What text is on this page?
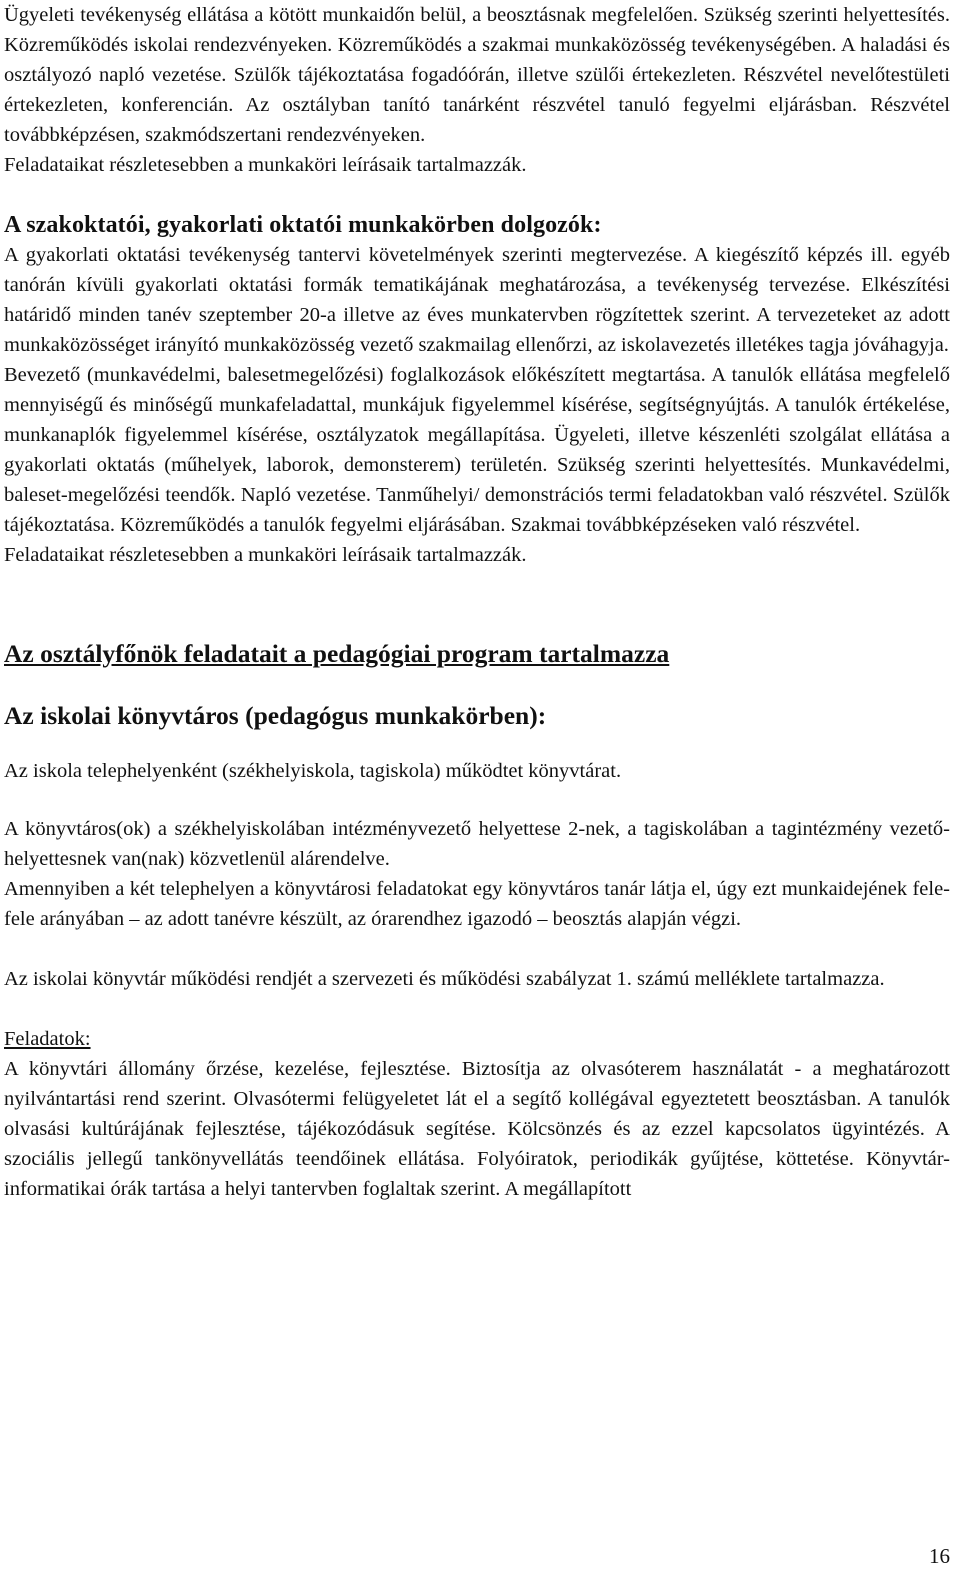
Ügyeleti tevékenység ellátása a kötött munkaidőn belül, a beosztásnak megfelelően. Szükség szerinti helyettesítés. Közreműködés iskolai rendezvényeken. Közreműködés a szakmai munkaközösség tevékenységében. A haladási és osztályozó napló vezetése. Szülők tájékoztatása fogadóórán, illetve szülői értekezleten. Részvétel nevelőtestületi értekezleten, konferencián. Az osztályban tanító tanárként részvétel tanuló fegyelmi eljárásban. Részvétel továbbképzésen, szakmódszertani rendezvényeken.

Feladataikat részletesebben a munkaköri leírásaik tartalmazzák.

A szakoktatói, gyakorlati oktatói munkakörben dolgozók:

A gyakorlati oktatási tevékenység tantervi követelmények szerinti megtervezése. A kiegészítő képzés ill. egyéb tanórán kívüli gyakorlati oktatási formák tematikájának meghatározása, a tevékenység tervezése. Elkészítési határidő minden tanév szeptember 20-a illetve az éves munkatervben rögzítettek szerint. A tervezeteket az adott munkaközösséget irányító munkaközösség vezető szakmailag ellenőrzi, az iskolavezetés illetékes tagja jóváhagyja.

Bevezető (munkavédelmi, balesetmegelőzési) foglalkozások előkészített megtartása. A tanulók ellátása megfelelő mennyiségű és minőségű munkafeladattal, munkájuk figyelemmel kísérése, segítségnyújtás. A tanulók értékelése, munkanaplók figyelemmel kísérése, osztályzatok megállapítása. Ügyeleti, illetve készenléti szolgálat ellátása a gyakorlati oktatás (műhelyek, laborok, demonsterem) területén. Szükség szerinti helyettesítés. Munkavédelmi, baleset-megelőzési teendők. Napló vezetése. Tanműhelyi/ demonstrációs termi feladatokban való részvétel. Szülők tájékoztatása. Közreműködés a tanulók fegyelmi eljárásában. Szakmai továbbképzéseken való részvétel.

Feladataikat részletesebben a munkaköri leírásaik tartalmazzák.

Az osztályfőnök feladatait a pedagógiai program tartalmazza
Az iskolai könyvtáros (pedagógus munkakörben):

Az iskola telephelyenként (székhelyiskola, tagiskola) működtet könyvtárat.

A könyvtáros(ok) a székhelyiskolában intézményvezető helyettese 2-nek, a tagiskolában a tagintézmény vezető-helyettesnek van(nak) közvetlenül alárendelve.

Amennyiben a két telephelyen a könyvtárosi feladatokat egy könyvtáros tanár látja el, úgy ezt munkaidejének fele-fele arányában – az adott tanévre készült, az órarendhez igazodó – beosztás alapján végzi.

Az iskolai könyvtár működési rendjét a szervezeti és működési szabályzat 1. számú melléklete tartalmazza.

Feladatok:

A könyvtári állomány őrzése, kezelése, fejlesztése. Biztosítja az olvasóterem használatát - a meghatározott nyilvántartási rend szerint. Olvasótermi felügyeletet lát el a segítő kollégával egyeztetett beosztásban. A tanulók olvasási kultúrájának fejlesztése, tájékozódásuk segítése. Kölcsönzés és az ezzel kapcsolatos ügyintézés. A szociális jellegű tankönyvellátás teendőinek ellátása. Folyóiratok, periodikák gyűjtése, köttetése. Könyvtár-informatikai órák tartása a helyi tantervben foglaltak szerint. A megállapított

16
